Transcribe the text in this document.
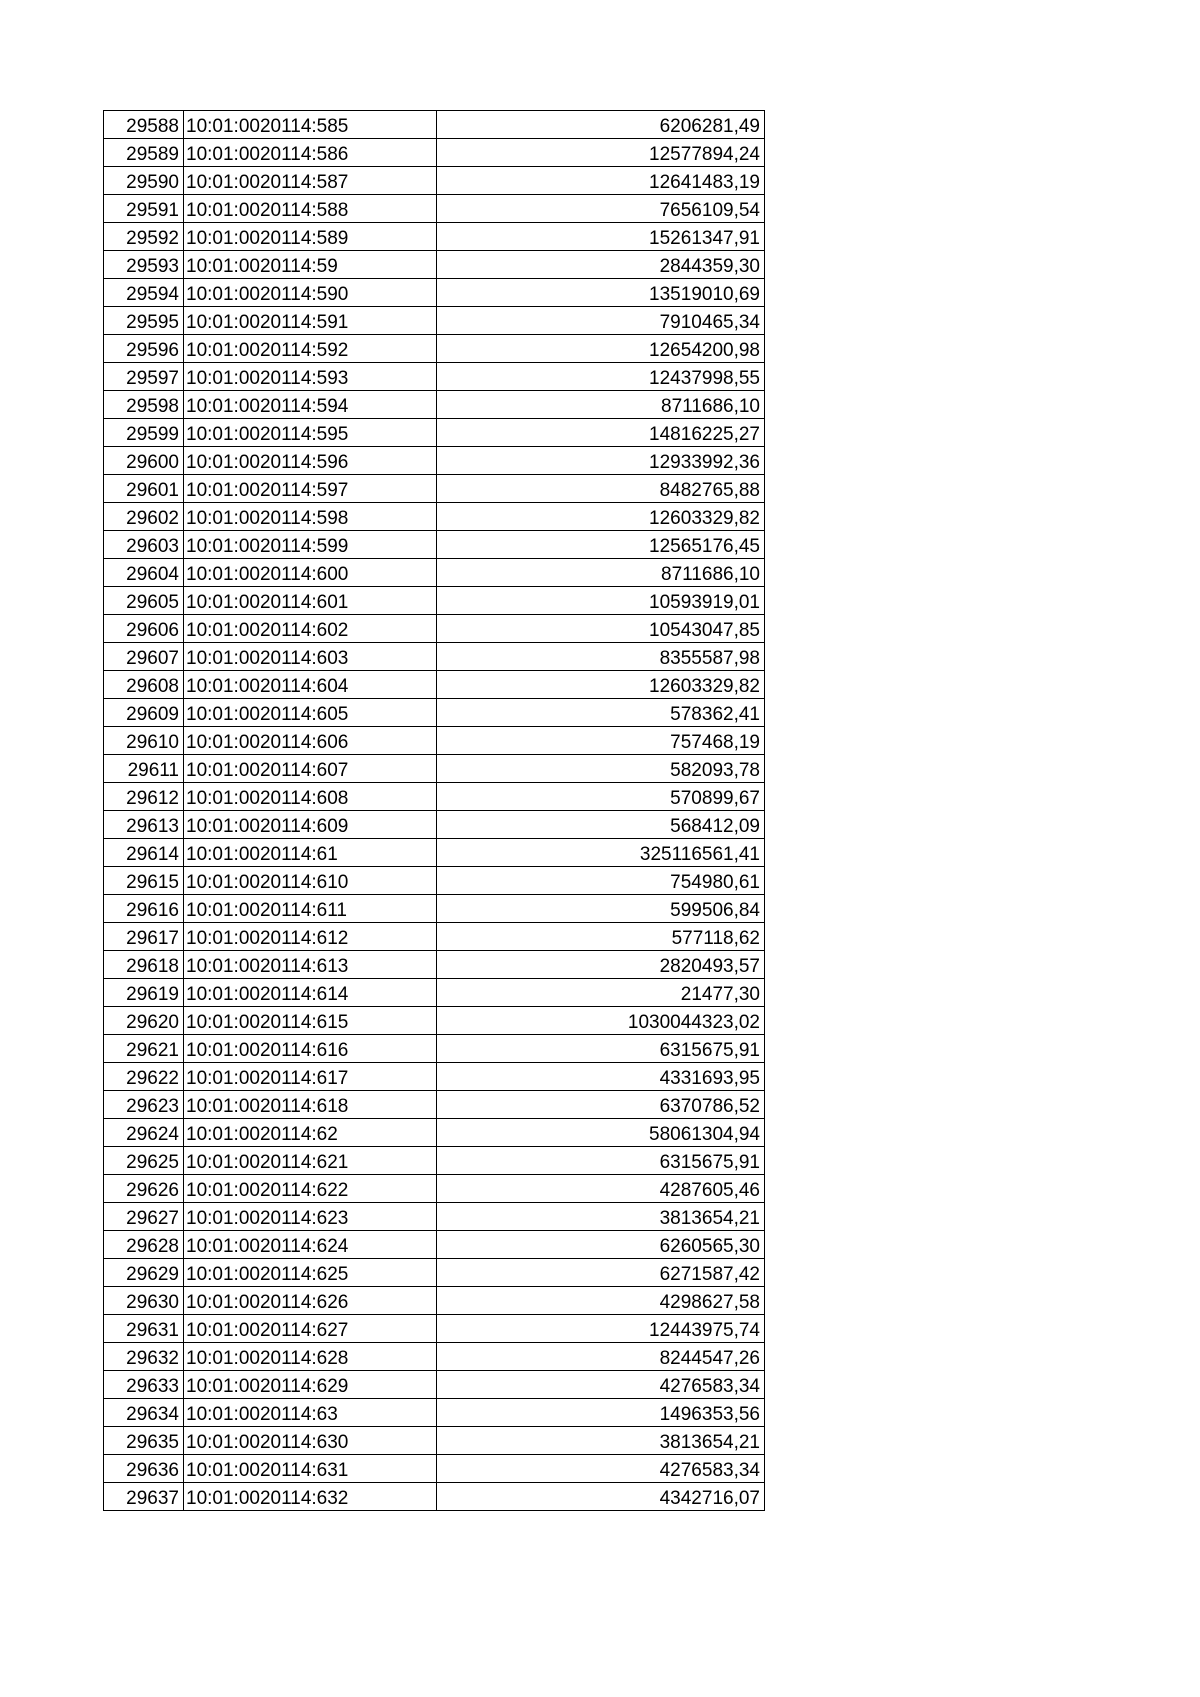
29588	10:01:0020114:585	6206281,49
29589	10:01:0020114:586	12577894,24
29590	10:01:0020114:587	12641483,19
29591	10:01:0020114:588	7656109,54
29592	10:01:0020114:589	15261347,91
29593	10:01:0020114:59	2844359,30
29594	10:01:0020114:590	13519010,69
29595	10:01:0020114:591	7910465,34
29596	10:01:0020114:592	12654200,98
29597	10:01:0020114:593	12437998,55
29598	10:01:0020114:594	8711686,10
29599	10:01:0020114:595	14816225,27
29600	10:01:0020114:596	12933992,36
29601	10:01:0020114:597	8482765,88
29602	10:01:0020114:598	12603329,82
29603	10:01:0020114:599	12565176,45
29604	10:01:0020114:600	8711686,10
29605	10:01:0020114:601	10593919,01
29606	10:01:0020114:602	10543047,85
29607	10:01:0020114:603	8355587,98
29608	10:01:0020114:604	12603329,82
29609	10:01:0020114:605	578362,41
29610	10:01:0020114:606	757468,19
29611	10:01:0020114:607	582093,78
29612	10:01:0020114:608	570899,67
29613	10:01:0020114:609	568412,09
29614	10:01:0020114:61	325116561,41
29615	10:01:0020114:610	754980,61
29616	10:01:0020114:611	599506,84
29617	10:01:0020114:612	577118,62
29618	10:01:0020114:613	2820493,57
29619	10:01:0020114:614	21477,30
29620	10:01:0020114:615	1030044323,02
29621	10:01:0020114:616	6315675,91
29622	10:01:0020114:617	4331693,95
29623	10:01:0020114:618	6370786,52
29624	10:01:0020114:62	58061304,94
29625	10:01:0020114:621	6315675,91
29626	10:01:0020114:622	4287605,46
29627	10:01:0020114:623	3813654,21
29628	10:01:0020114:624	6260565,30
29629	10:01:0020114:625	6271587,42
29630	10:01:0020114:626	4298627,58
29631	10:01:0020114:627	12443975,74
29632	10:01:0020114:628	8244547,26
29633	10:01:0020114:629	4276583,34
29634	10:01:0020114:63	1496353,56
29635	10:01:0020114:630	3813654,21
29636	10:01:0020114:631	4276583,34
29637	10:01:0020114:632	4342716,07
